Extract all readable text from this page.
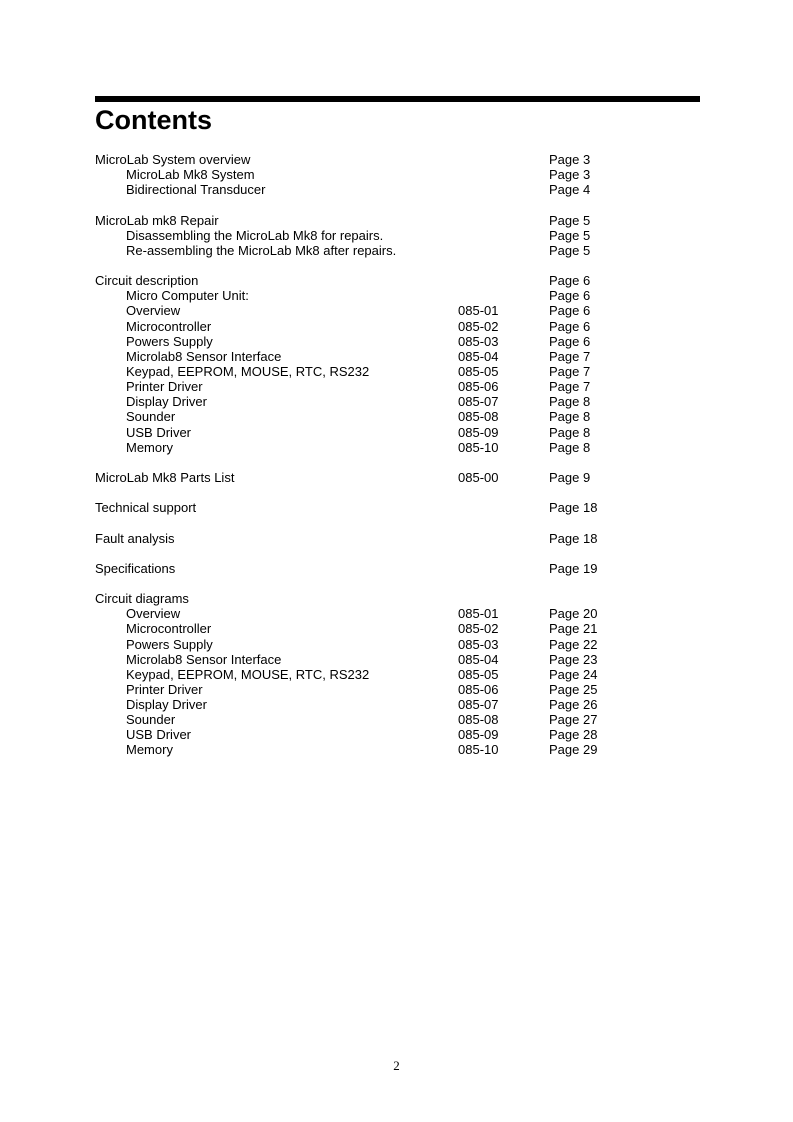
Contents
MicroLab System overview	Page 3
MicroLab Mk8 System	Page 3
Bidirectional Transducer	Page 4
MicroLab mk8 Repair	Page 5
Disassembling the MicroLab Mk8 for repairs.	Page 5
Re-assembling the MicroLab Mk8 after repairs.	Page 5
Circuit description	Page 6
Micro Computer Unit:	Page 6
Overview	085-01	Page 6
Microcontroller	085-02	Page 6
Powers Supply	085-03	Page 6
Microlab8 Sensor Interface	085-04	Page 7
Keypad, EEPROM, MOUSE, RTC, RS232	085-05	Page 7
Printer Driver	085-06	Page 7
Display Driver	085-07	Page 8
Sounder	085-08	Page 8
USB Driver	085-09	Page 8
Memory	085-10	Page 8
MicroLab Mk8 Parts List	085-00	Page 9
Technical support	Page 18
Fault analysis	Page 18
Specifications	Page 19
Circuit diagrams
Overview	085-01	Page 20
Microcontroller	085-02	Page 21
Powers Supply	085-03	Page 22
Microlab8 Sensor Interface	085-04	Page 23
Keypad, EEPROM, MOUSE, RTC, RS232	085-05	Page 24
Printer Driver	085-06	Page 25
Display Driver	085-07	Page 26
Sounder	085-08	Page 27
USB Driver	085-09	Page 28
Memory	085-10	Page 29
2
